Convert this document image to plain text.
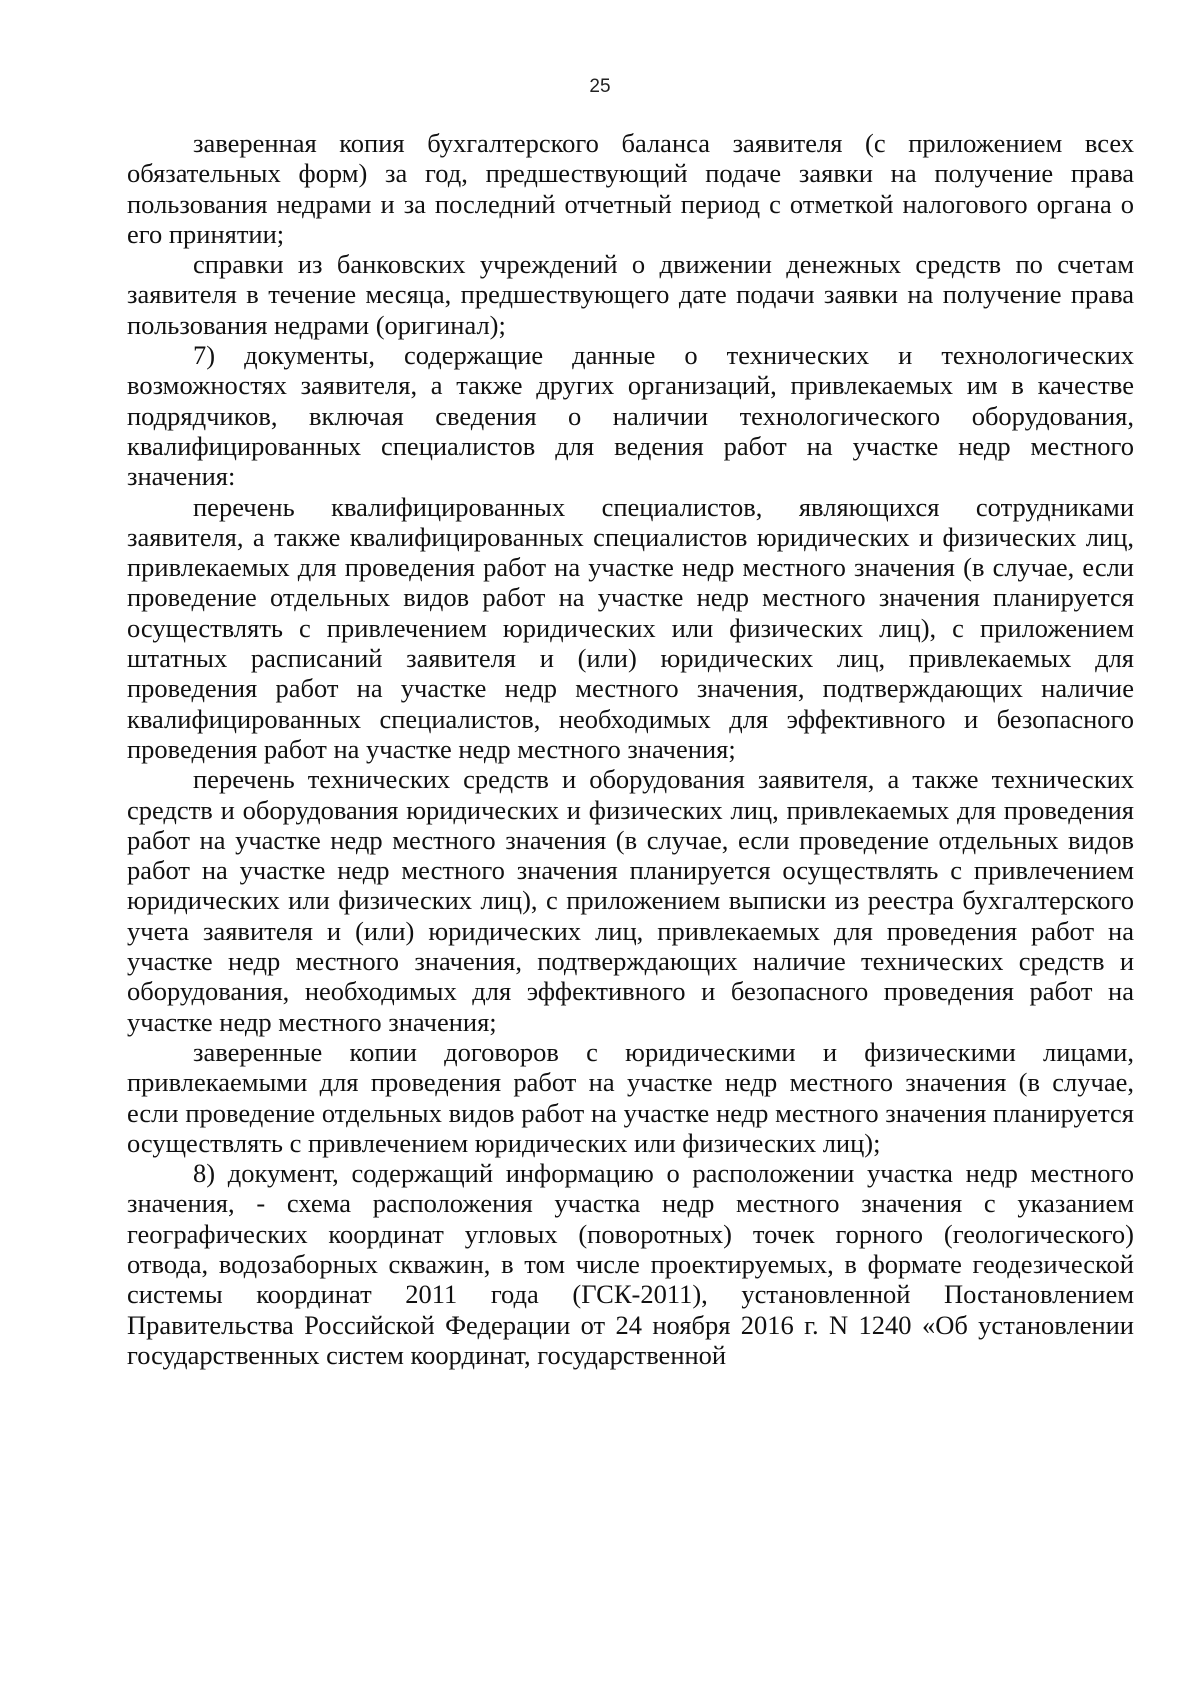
25

заверенная копия бухгалтерского баланса заявителя (с приложением всех обязательных форм) за год, предшествующий подаче заявки на получение права пользования недрами и за последний отчетный период с отметкой налогового органа о его принятии;

справки из банковских учреждений о движении денежных средств по счетам заявителя в течение месяца, предшествующего дате подачи заявки на получение права пользования недрами (оригинал);

7) документы, содержащие данные о технических и технологических возможностях заявителя, а также других организаций, привлекаемых им в качестве подрядчиков, включая сведения о наличии технологического оборудования, квалифицированных специалистов для ведения работ на участке недр местного значения:

перечень квалифицированных специалистов, являющихся сотрудниками заявителя, а также квалифицированных специалистов юридических и физических лиц, привлекаемых для проведения работ на участке недр местного значения (в случае, если проведение отдельных видов работ на участке недр местного значения планируется осуществлять с привлечением юридических или физических лиц), с приложением штатных расписаний заявителя и (или) юридических лиц, привлекаемых для проведения работ на участке недр местного значения, подтверждающих наличие квалифицированных специалистов, необходимых для эффективного и безопасного проведения работ на участке недр местного значения;

перечень технических средств и оборудования заявителя, а также технических средств и оборудования юридических и физических лиц, привлекаемых для проведения работ на участке недр местного значения (в случае, если проведение отдельных видов работ на участке недр местного значения планируется осуществлять с привлечением юридических или физических лиц), с приложением выписки из реестра бухгалтерского учета заявителя и (или) юридических лиц, привлекаемых для проведения работ на участке недр местного значения, подтверждающих наличие технических средств и оборудования, необходимых для эффективного и безопасного проведения работ на участке недр местного значения;

заверенные копии договоров с юридическими и физическими лицами, привлекаемыми для проведения работ на участке недр местного значения (в случае, если проведение отдельных видов работ на участке недр местного значения планируется осуществлять с привлечением юридических или физических лиц);

8) документ, содержащий информацию о расположении участка недр местного значения, - схема расположения участка недр местного значения с указанием географических координат угловых (поворотных) точек горного (геологического) отвода, водозаборных скважин, в том числе проектируемых, в формате геодезической системы координат 2011 года (ГСК-2011), установленной Постановлением Правительства Российской Федерации от 24 ноября 2016 г. N 1240 «Об установлении государственных систем координат, государственной
